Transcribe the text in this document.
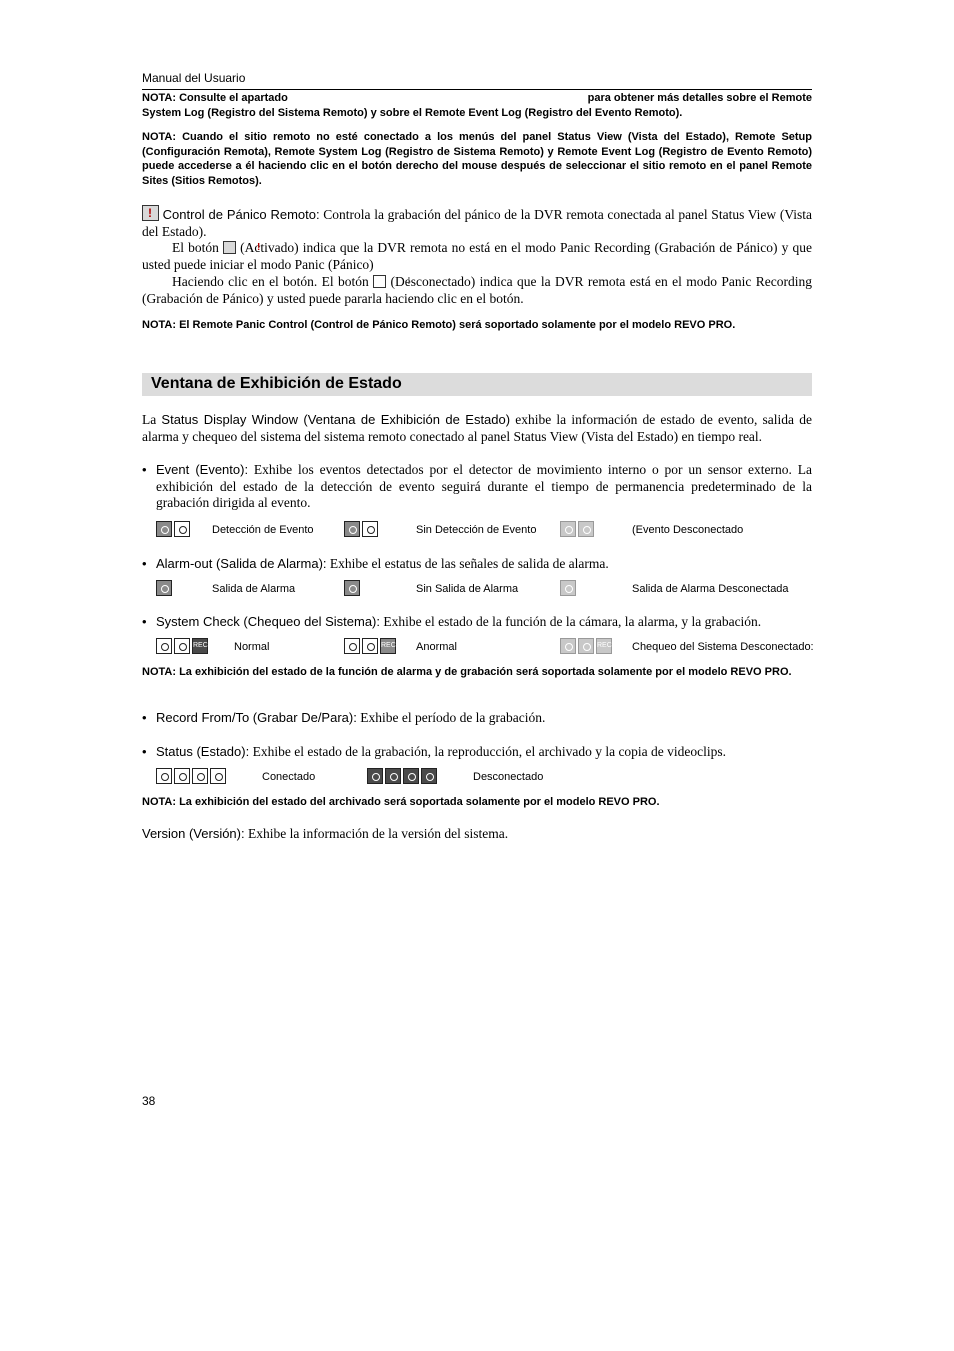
Manual del Usuario
NOTA: Consulte el apartado	para obtener más detalles sobre el Remote
System Log (Registro del Sistema Remoto) y sobre el Remote Event Log (Registro del Evento Remoto).
NOTA: Cuando el sitio remoto no esté conectado a los menús del panel Status View (Vista del Estado), Remote Setup (Configuración Remota), Remote System Log (Registro de Sistema Remoto) y Remote Event Log (Registro de Evento Remoto) puede accederse a él haciendo clic en el botón derecho del mouse después de seleccionar el sitio remoto en el panel Remote Sites (Sitios Remotos).
! Control de Pánico Remoto: Controla la grabación del pánico de la DVR remota conectada al panel Status View (Vista del Estado).
El botón ! (Activado) indica que la DVR remota no está en el modo Panic Recording (Grabación de Pánico) y que usted puede iniciar el modo Panic (Pánico)
Haciendo clic en el botón. El botón ! (Desconectado) indica que la DVR remota está en el modo Panic Recording (Grabación de Pánico) y usted puede pararla haciendo clic en el botón.
NOTA: El Remote Panic Control (Control de Pánico Remoto) será soportado solamente por el modelo REVO PRO.
Ventana de Exhibición de Estado
La Status Display Window (Ventana de Exhibición de Estado) exhibe la información de estado de evento, salida de alarma y chequeo del sistema del sistema remoto conectado al panel Status View (Vista del Estado) en tiempo real.
• Event (Evento): Exhibe los eventos detectados por el detector de movimiento interno o por un sensor externo. La exhibición del estado de la detección de evento seguirá durante el tiempo de permanencia predeterminado de la grabación dirigida al evento.
Detección de Evento	Sin Detección de Evento	(Evento Desconectado
• Alarm-out (Salida de Alarma): Exhibe el estatus de las señales de salida de alarma.
Salida de Alarma	Sin Salida de Alarma	Salida de Alarma Desconectada
• System Check (Chequeo del Sistema): Exhibe el estado de la función de la cámara, la alarma, y la grabación.
REC Normal	REC Anormal	REC Chequeo del Sistema Desconectado:
NOTA: La exhibición del estado de la función de alarma y de grabación será soportada solamente por el modelo REVO PRO.
• Record From/To (Grabar De/Para): Exhibe el período de la grabación.
• Status (Estado): Exhibe el estado de la grabación, la reproducción, el archivado y la copia de videoclips.
Conectado	Desconectado
NOTA: La exhibición del estado del archivado será soportada solamente por el modelo REVO PRO.
Version (Versión): Exhibe la información de la versión del sistema.
38
